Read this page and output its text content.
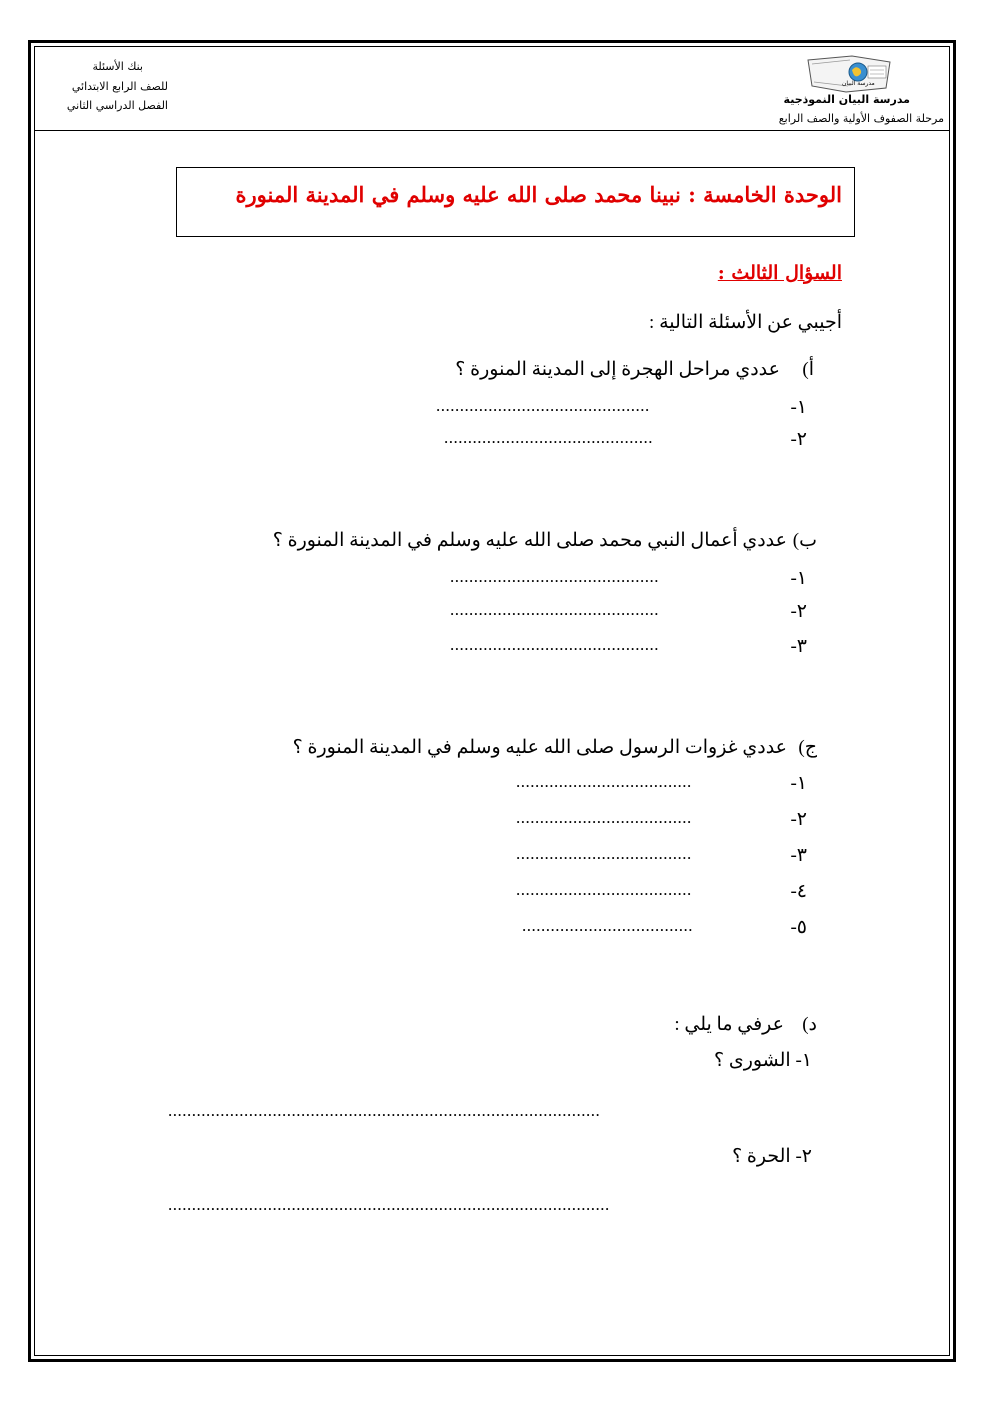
بنك الأسئلة
للصف الرابع الابتدائي
الفصل الدراسي الثاني
مدرسة البيان
مدرسة البيان النموذجية
مرحلة الصفوف الأولية والصف الرابع
الوحدة الخامسة : نبينا محمد صلى الله عليه وسلم في المدينة المنورة
السؤال الثالث :
أجيبي عن الأسئلة التالية :
أ)
عددي مراحل الهجرة إلى المدينة المنورة ؟
١-
.............................................
٢-
............................................
ب)
عددي أعمال النبي محمد صلى الله عليه وسلم في المدينة المنورة ؟
١-
............................................
٢-
............................................
٣-
............................................
ج)
عددي غزوات الرسول صلى الله عليه وسلم في المدينة المنورة ؟
١-
.....................................
٢-
.....................................
٣-
.....................................
٤-
.....................................
٥-
....................................
د)
عرفي ما يلي :
١- الشورى ؟
...........................................................................................
٢- الحرة ؟
.............................................................................................
